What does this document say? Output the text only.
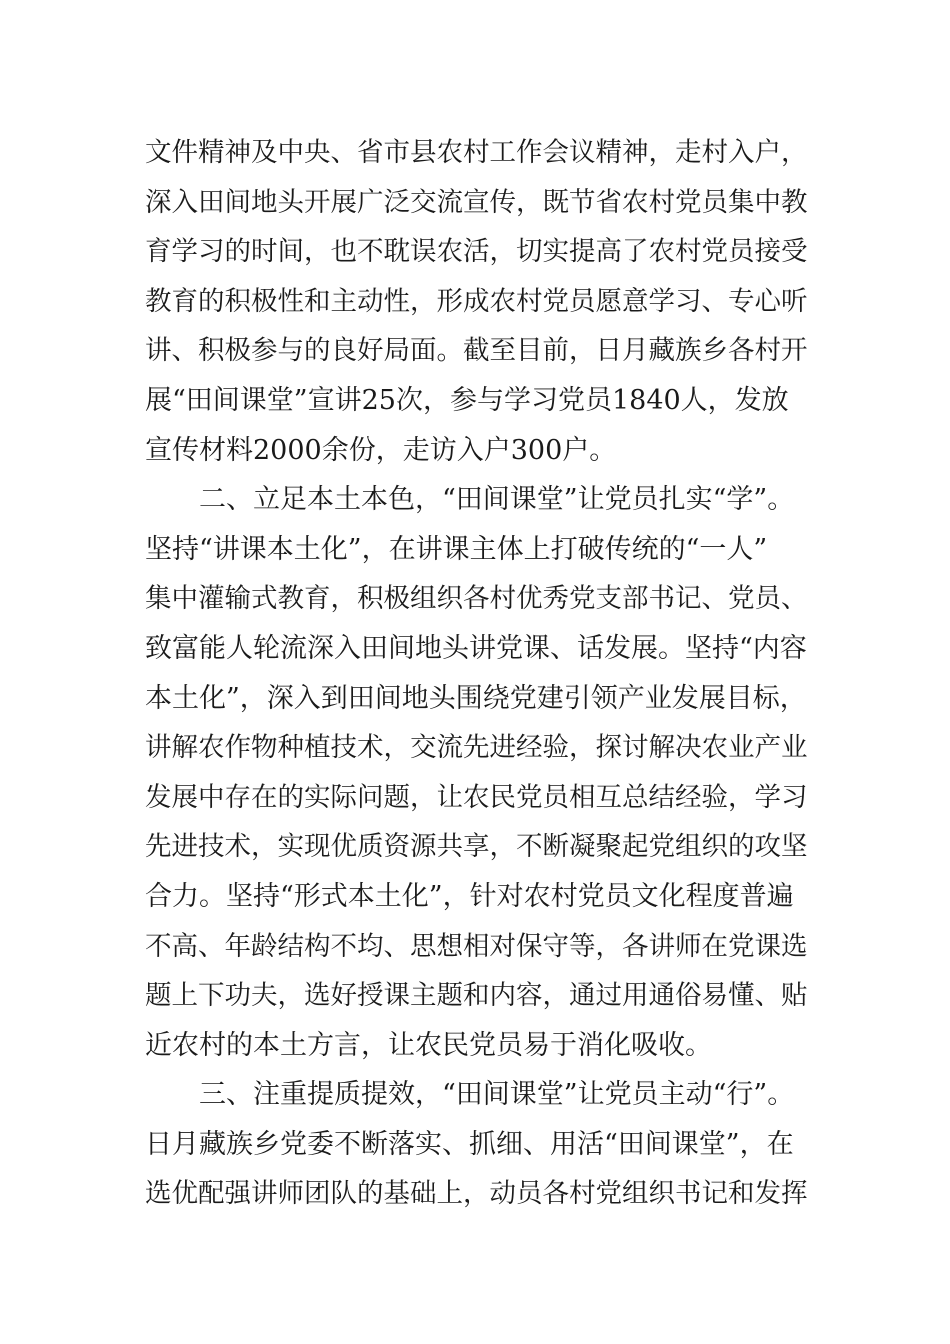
文件精神及中央、省市县农村工作会议精神，走村入户，
深入田间地头开展广泛交流宣传，既节省农村党员集中教
育学习的时间，也不耽误农活，切实提高了农村党员接受
教育的积极性和主动性，形成农村党员愿意学习、专心听
讲、积极参与的良好局面。截至目前，日月藏族乡各村开
展“田间课堂”宣讲25次，参与学习党员1840人，发放
宣传材料2000余份，走访入户300户。
二、立足本土本色，“田间课堂”让党员扎实“学”。
坚持“讲课本土化”，在讲课主体上打破传统的“一人”
集中灌输式教育，积极组织各村优秀党支部书记、党员、
致富能人轮流深入田间地头讲党课、话发展。坚持“内容
本土化”，深入到田间地头围绕党建引领产业发展目标，
讲解农作物种植技术，交流先进经验，探讨解决农业产业
发展中存在的实际问题，让农民党员相互总结经验，学习
先进技术，实现优质资源共享，不断凝聚起党组织的攻坚
合力。坚持“形式本土化”，针对农村党员文化程度普遍
不高、年龄结构不均、思想相对保守等，各讲师在党课选
题上下功夫，选好授课主题和内容，通过用通俗易懂、贴
近农村的本土方言，让农民党员易于消化吸收。
三、注重提质提效，“田间课堂”让党员主动“行”。
日月藏族乡党委不断落实、抓细、用活“田间课堂”，在
选优配强讲师团队的基础上，动员各村党组织书记和发挥
